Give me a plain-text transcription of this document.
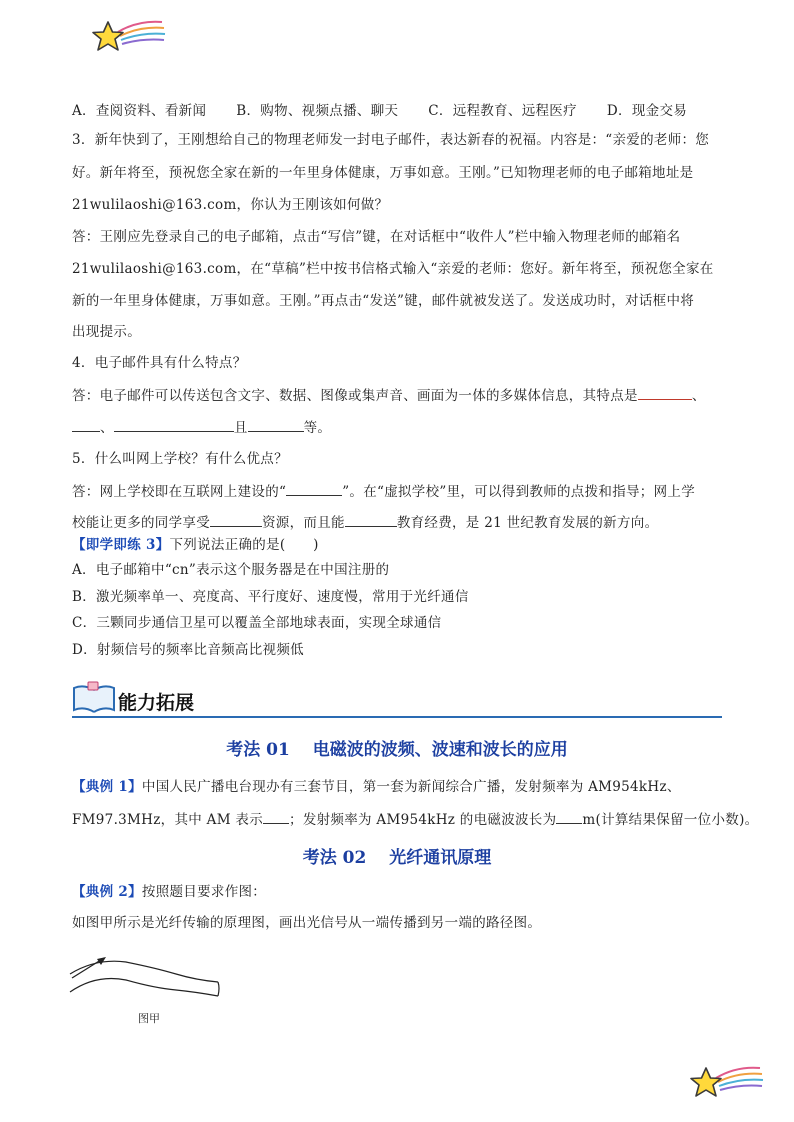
A．查阅资料、看新闻 B．购物、视频点播、聊天 C．远程教育、远程医疗 D．现金交易
3．新年快到了，王刚想给自己的物理老师发一封电子邮件，表达新春的祝福。内容是：“亲爱的老师：您
好。新年将至，预祝您全家在新的一年里身体健康，万事如意。王刚。”已知物理老师的电子邮箱地址是
21wulilaoshi@163.com，你认为王刚该如何做？
答：王刚应先登录自己的电子邮箱，点击“写信”键，在对话框中“收件人”栏中输入物理老师的邮箱名
21wulilaoshi@163.com，在“草稿”栏中按书信格式输入“亲爱的老师：您好。新年将至，预祝您全家在
新的一年里身体健康，万事如意。王刚。”再点击“发送”键，邮件就被发送了。发送成功时，对话框中将
出现提示。
4．电子邮件具有什么特点？
答：电子邮件可以传送包含文字、数据、图像或集声音、画面为一体的多媒体信息，其特点是	、
、	且	等。
5．什么叫网上学校？有什么优点？
答：网上学校即在互联网上建设的“	”。在“虚拟学校”里，可以得到教师的点拨和指导；网上学
校能让更多的同学享受	资源，而且能	教育经费，是 21 世纪教育发展的新方向。
【即学即练 3】下列说法正确的是(　　)
A．电子邮箱中“cn”表示这个服务器是在中国注册的
B．激光频率单一、亮度高、平行度好、速度慢，常用于光纤通信
C．三颗同步通信卫星可以覆盖全部地球表面，实现全球通信
D．射频信号的频率比音频高比视频低
能力拓展
考法 01　 电磁波的波频、波速和波长的应用
【典例 1】中国人民广播电台现办有三套节目，第一套为新闻综合广播，发射频率为 AM954kHz、
FM97.3MHz，其中 AM 表示 ；发射频率为 AM954kHz 的电磁波波长为 m(计算结果保留一位小数)。
考法 02　 光纤通讯原理
【典例 2】按照题目要求作图：
如图甲所示是光纤传输的原理图，画出光信号从一端传播到另一端的路径图。
图甲
